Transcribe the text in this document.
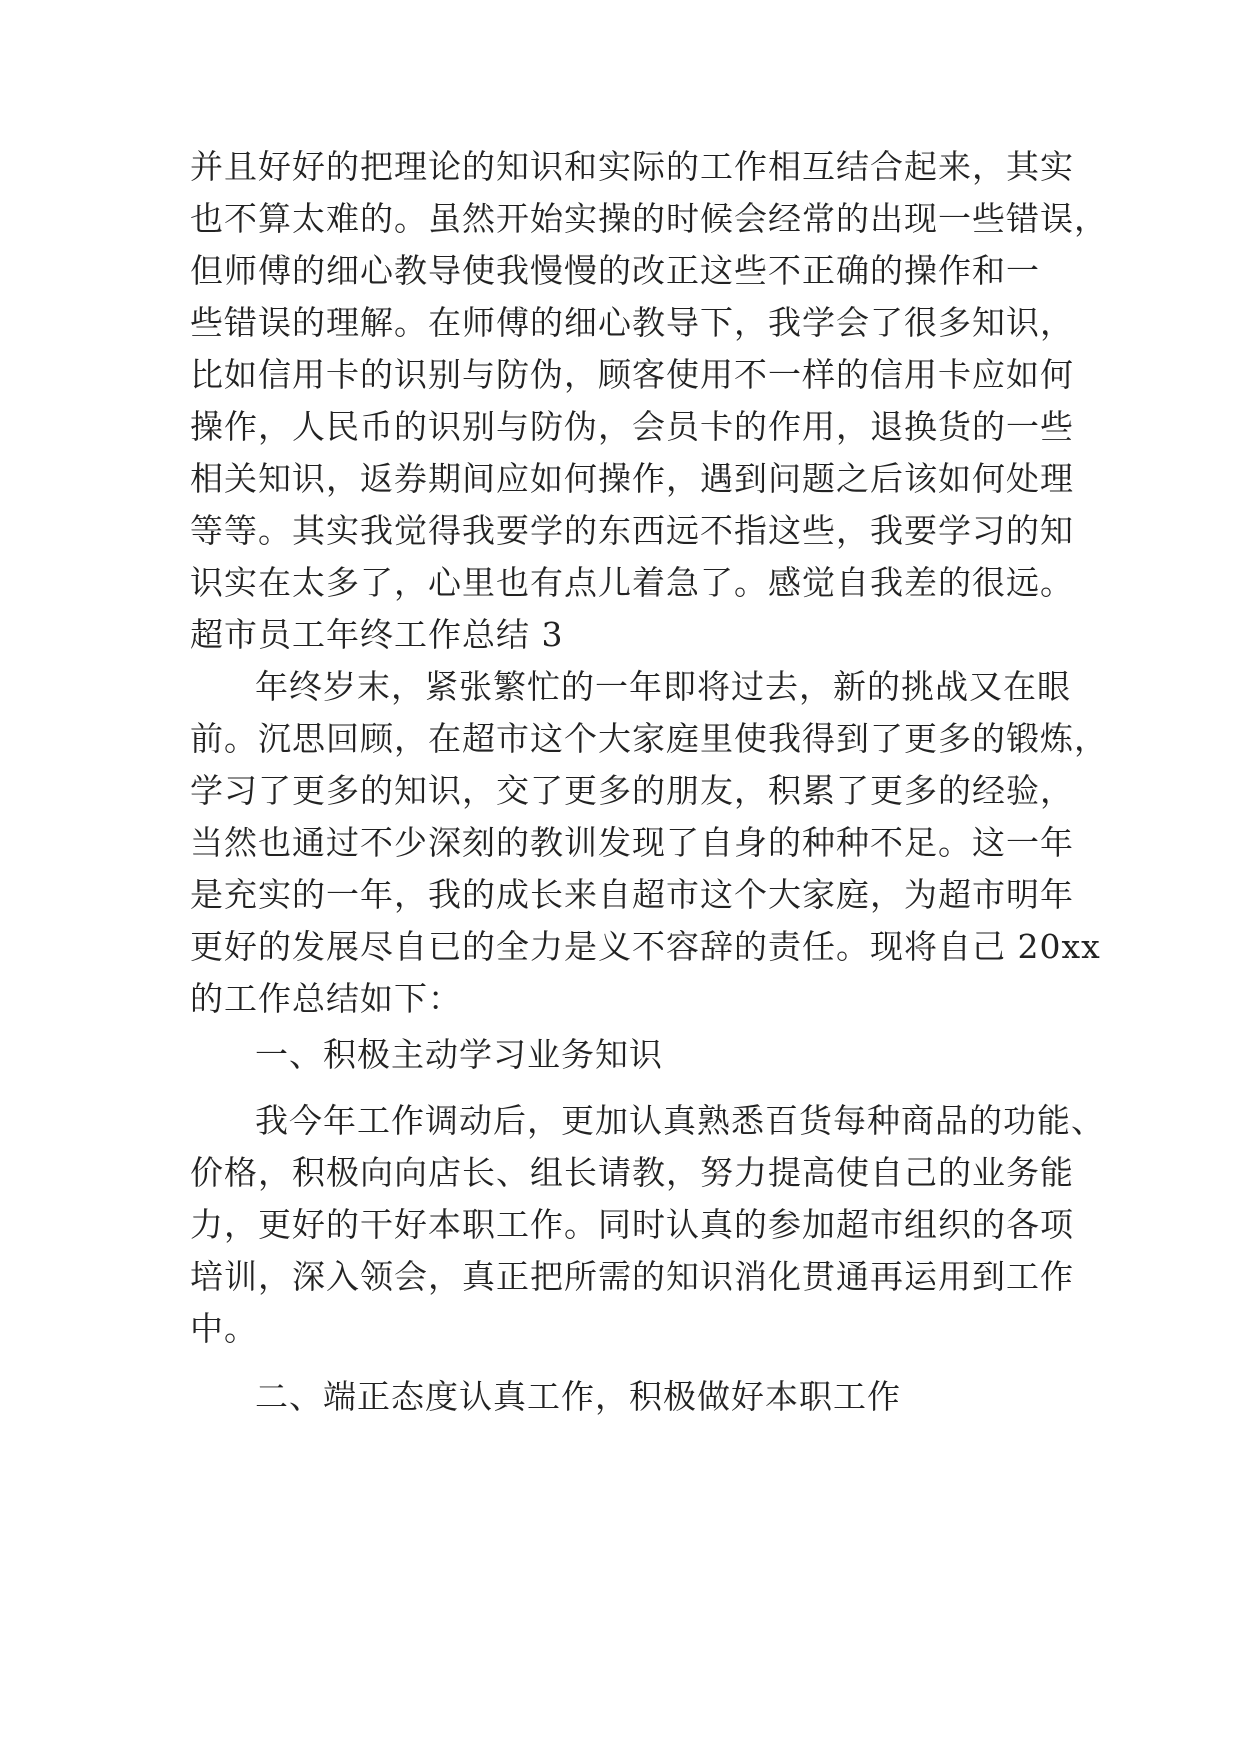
并且好好的把理论的知识和实际的工作相互结合起来，其实
也不算太难的。虽然开始实操的时候会经常的出现一些错误，
但师傅的细心教导使我慢慢的改正这些不正确的操作和一
些错误的理解。在师傅的细心教导下，我学会了很多知识，
比如信用卡的识别与防伪，顾客使用不一样的信用卡应如何
操作，人民币的识别与防伪，会员卡的作用，退换货的一些
相关知识，返券期间应如何操作，遇到问题之后该如何处理
等等。其实我觉得我要学的东西远不指这些，我要学习的知
识实在太多了，心里也有点儿着急了。感觉自我差的很远。
超市员工年终工作总结 3
年终岁末，紧张繁忙的一年即将过去，新的挑战又在眼
前。沉思回顾，在超市这个大家庭里使我得到了更多的锻炼，
学习了更多的知识，交了更多的朋友，积累了更多的经验，
当然也通过不少深刻的教训发现了自身的种种不足。这一年
是充实的一年，我的成长来自超市这个大家庭，为超市明年
更好的发展尽自已的全力是义不容辞的责任。现将自己 20xx
的工作总结如下：
一、积极主动学习业务知识
我今年工作调动后，更加认真熟悉百货每种商品的功能、
价格，积极向向店长、组长请教，努力提高使自己的业务能
力，更好的干好本职工作。同时认真的参加超市组织的各项
培训，深入领会，真正把所需的知识消化贯通再运用到工作
中。
二、端正态度认真工作，积极做好本职工作
